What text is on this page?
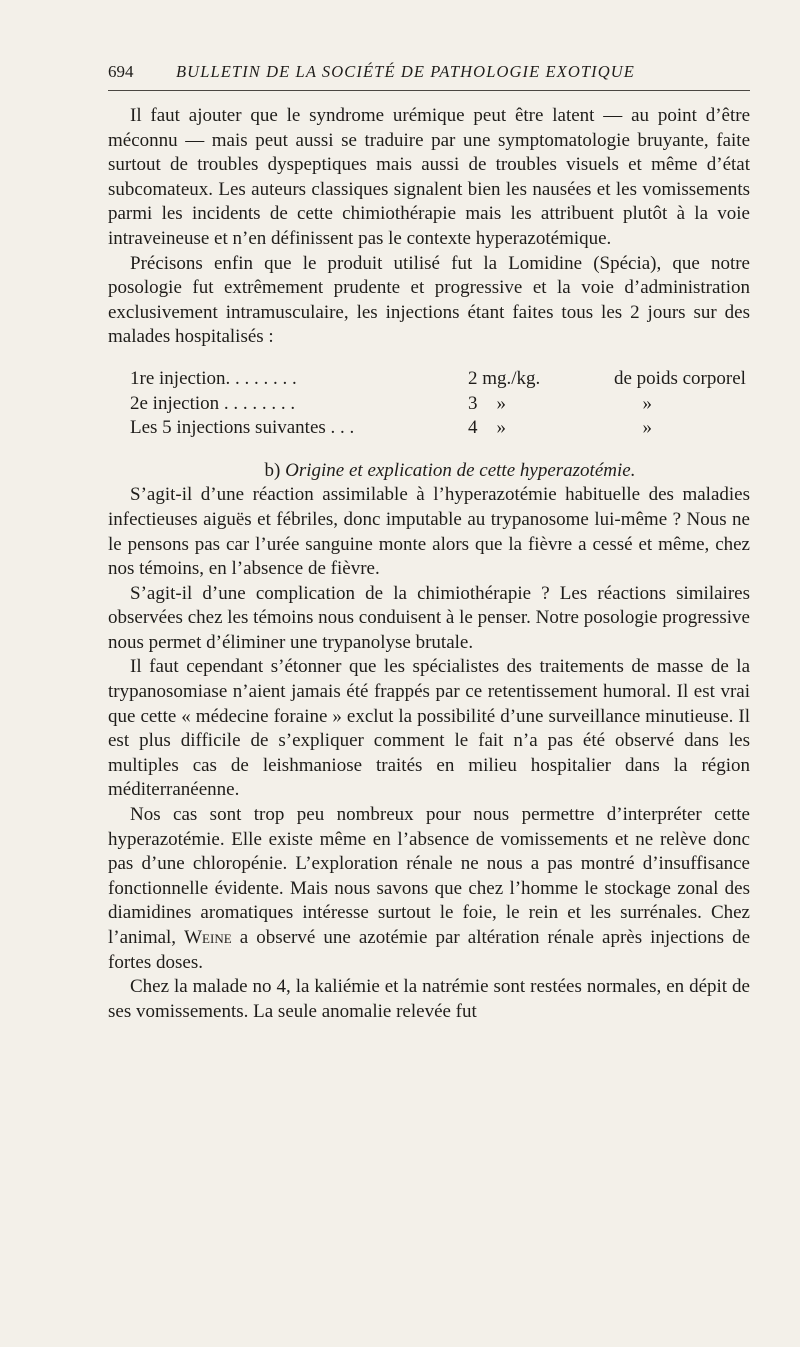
694	BULLETIN DE LA SOCIÉTÉ DE PATHOLOGIE EXOTIQUE

Il faut ajouter que le syndrome urémique peut être latent — au point d’être méconnu — mais peut aussi se traduire par une symptomatologie bruyante, faite surtout de troubles dyspeptiques mais aussi de troubles visuels et même d’état subcomateux. Les auteurs classiques signalent bien les nausées et les vomissements parmi les incidents de cette chimiothérapie mais les attribuent plutôt à la voie intraveineuse et n’en définissent pas le contexte hyperazotémique.

Précisons enfin que le produit utilisé fut la Lomidine (Spécia), que notre posologie fut extrêmement prudente et progressive et la voie d’administration exclusivement intramusculaire, les injections étant faites tous les 2 jours sur des malades hospitalisés :

1re injection. . . . . . . .	2 mg./kg.	de poids corporel
2e injection . . . . . . . .	3    »	»
Les 5 injections suivantes . . .	4    »	»

b) Origine et explication de cette hyperazotémie.

S’agit-il d’une réaction assimilable à l’hyperazotémie habituelle des maladies infectieuses aiguës et fébriles, donc imputable au trypanosome lui-même ? Nous ne le pensons pas car l’urée sanguine monte alors que la fièvre a cessé et même, chez nos témoins, en l’absence de fièvre.

S’agit-il d’une complication de la chimiothérapie ? Les réactions similaires observées chez les témoins nous conduisent à le penser. Notre posologie progressive nous permet d’éliminer une trypanolyse brutale.

Il faut cependant s’étonner que les spécialistes des traitements de masse de la trypanosomiase n’aient jamais été frappés par ce retentissement humoral. Il est vrai que cette « médecine foraine » exclut la possibilité d’une surveillance minutieuse. Il est plus difficile de s’expliquer comment le fait n’a pas été observé dans les multiples cas de leishmaniose traités en milieu hospitalier dans la région méditerranéenne.

Nos cas sont trop peu nombreux pour nous permettre d’interpréter cette hyperazotémie. Elle existe même en l’absence de vomissements et ne relève donc pas d’une chloropénie. L’exploration rénale ne nous a pas montré d’insuffisance fonctionnelle évidente. Mais nous savons que chez l’homme le stockage zonal des diamidines aromatiques intéresse surtout le foie, le rein et les surrénales. Chez l’animal, Weine a observé une azotémie par altération rénale après injections de fortes doses.

Chez la malade no 4, la kaliémie et la natrémie sont restées normales, en dépit de ses vomissements. La seule anomalie relevée fut
